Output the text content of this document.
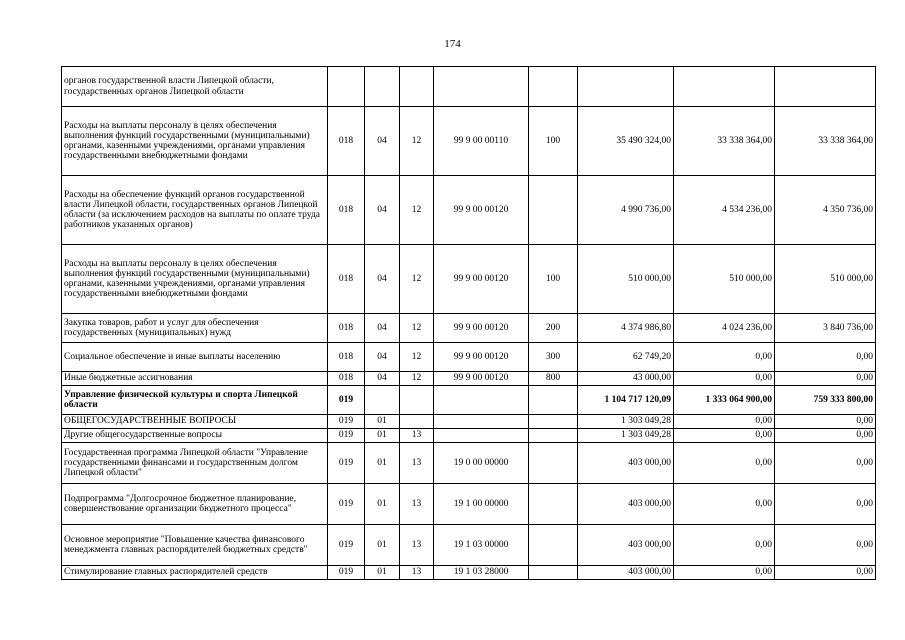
174
органов государственной власти Липецкой области, государственных органов Липецкой области								
Расходы на выплаты персоналу в целях обеспечения выполнения функций государственными (муниципальными) органами, казенными учреждениями, органами управления государственными внебюджетными фондами	018	04	12	99 9 00 00110	100	35 490 324,00	33 338 364,00	33 338 364,00
Расходы на обеспечение функций органов государственной власти Липецкой области, государственных органов Липецкой области (за исключением расходов на выплаты по оплате труда работников указанных органов)	018	04	12	99 9 00 00120		4 990 736,00	4 534 236,00	4 350 736,00
Расходы на выплаты персоналу в целях обеспечения выполнения функций государственными (муниципальными) органами, казенными учреждениями, органами управления государственными внебюджетными фондами	018	04	12	99 9 00 00120	100	510 000,00	510 000,00	510 000,00
Закупка товаров, работ и услуг для обеспечения государственных (муниципальных) нужд	018	04	12	99 9 00 00120	200	4 374 986,80	4 024 236,00	3 840 736,00
Социальное обеспечение и иные выплаты населению	018	04	12	99 9 00 00120	300	62 749,20	0,00	0,00
Иные бюджетные ассигнования	018	04	12	99 9 00 00120	800	43 000,00	0,00	0,00
Управление физической культуры и спорта Липецкой области	019					1 104 717 120,09	1 333 064 900,00	759 333 800,00
ОБЩЕГОСУДАРСТВЕННЫЕ ВОПРОСЫ	019	01				1 303 049,28	0,00	0,00
Другие общегосударственные вопросы	019	01	13			1 303 049,28	0,00	0,00
Государственная программа Липецкой области "Управление государственными финансами и государственным долгом Липецкой области"	019	01	13	19 0 00 00000		403 000,00	0,00	0,00
Подпрограмма "Долгосрочное бюджетное планирование, совершенствование организации бюджетного процесса"	019	01	13	19 1 00 00000		403 000,00	0,00	0,00
Основное мероприятие "Повышение качества финансового менеджмента главных распорядителей бюджетных средств"	019	01	13	19 1 03 00000		403 000,00	0,00	0,00
Стимулирование главных распорядителей средств	019	01	13	19 1 03 28000		403 000,00	0,00	0,00
